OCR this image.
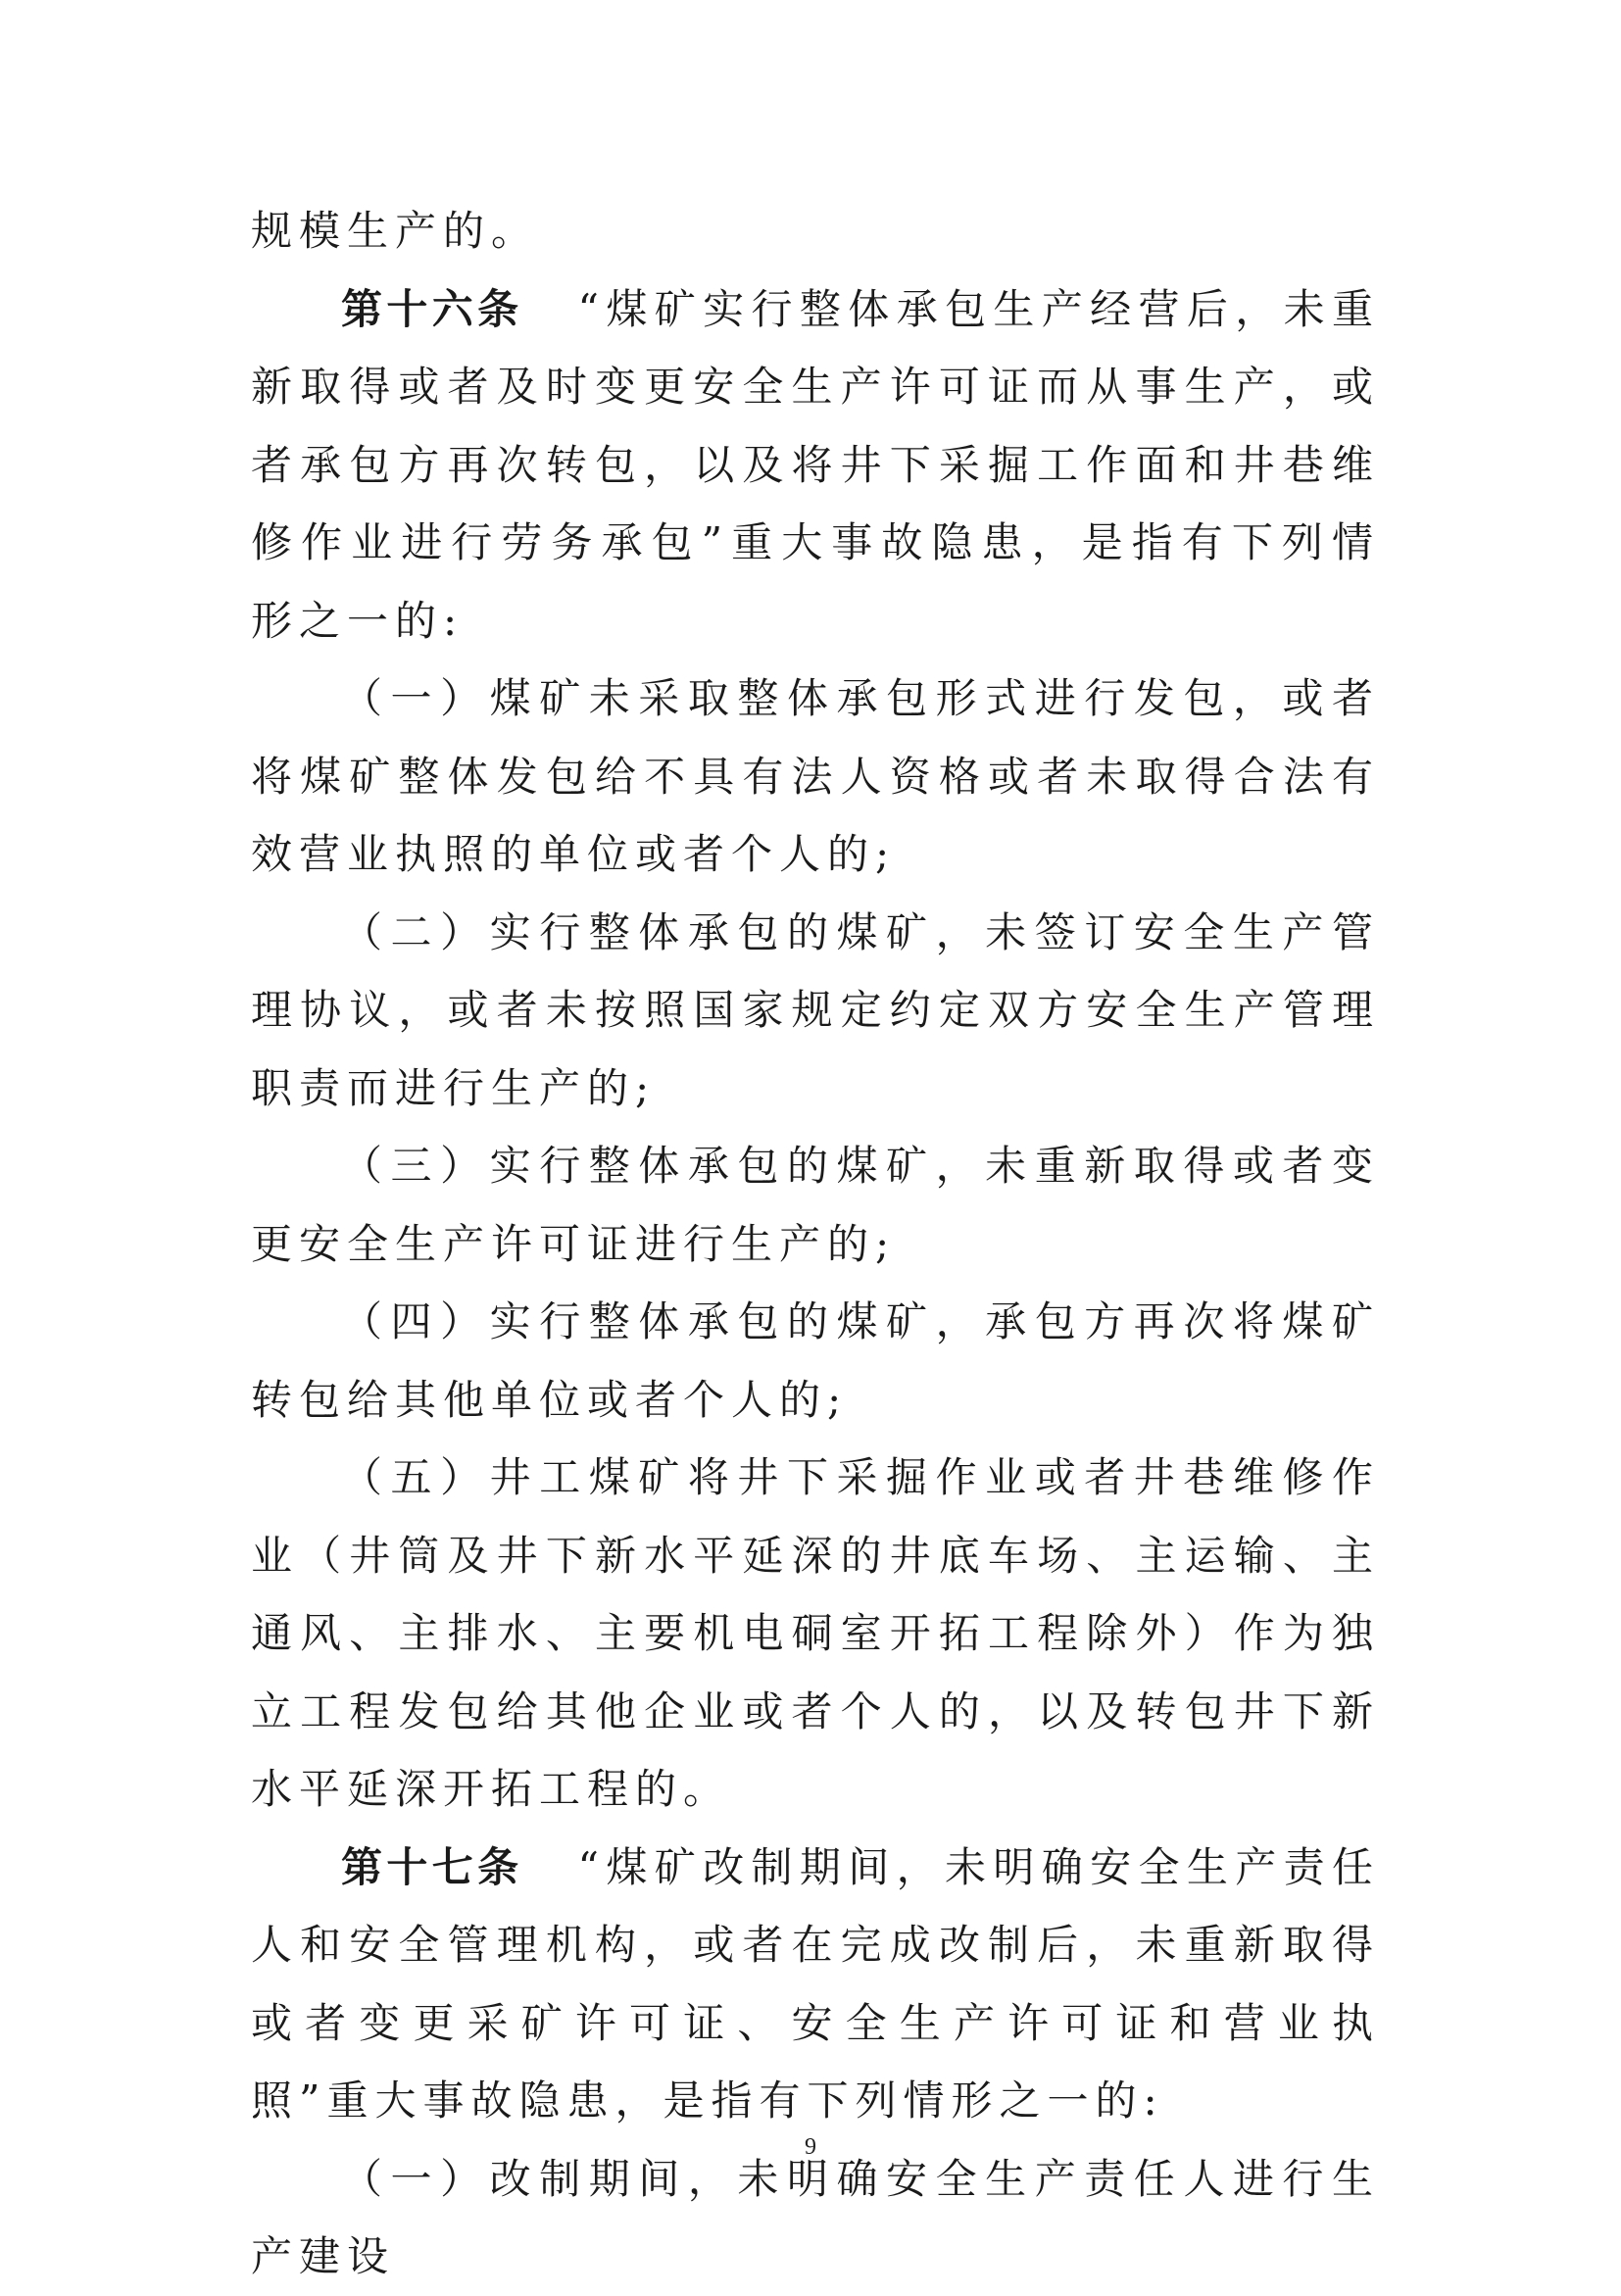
规模生产的。

第十六条 “煤矿实行整体承包生产经营后，未重新取得或者及时变更安全生产许可证而从事生产，或者承包方再次转包，以及将井下采掘工作面和井巷维修作业进行劳务承包”重大事故隐患，是指有下列情形之一的:

（一）煤矿未采取整体承包形式进行发包，或者将煤矿整体发包给不具有法人资格或者未取得合法有效营业执照的单位或者个人的;

（二）实行整体承包的煤矿，未签订安全生产管理协议，或者未按照国家规定约定双方安全生产管理职责而进行生产的;

（三）实行整体承包的煤矿，未重新取得或者变更安全生产许可证进行生产的;

（四）实行整体承包的煤矿，承包方再次将煤矿转包给其他单位或者个人的;

（五）井工煤矿将井下采掘作业或者井巷维修作业（井筒及井下新水平延深的井底车场、主运输、主通风、主排水、主要机电硐室开拓工程除外）作为独立工程发包给其他企业或者个人的，以及转包井下新水平延深开拓工程的。

第十七条 “煤矿改制期间，未明确安全生产责任人和安全管理机构，或者在完成改制后，未重新取得或者变更采矿许可证、安全生产许可证和营业执照”重大事故隐患，是指有下列情形之一的:

（一）改制期间，未明确安全生产责任人进行生产建设

9
